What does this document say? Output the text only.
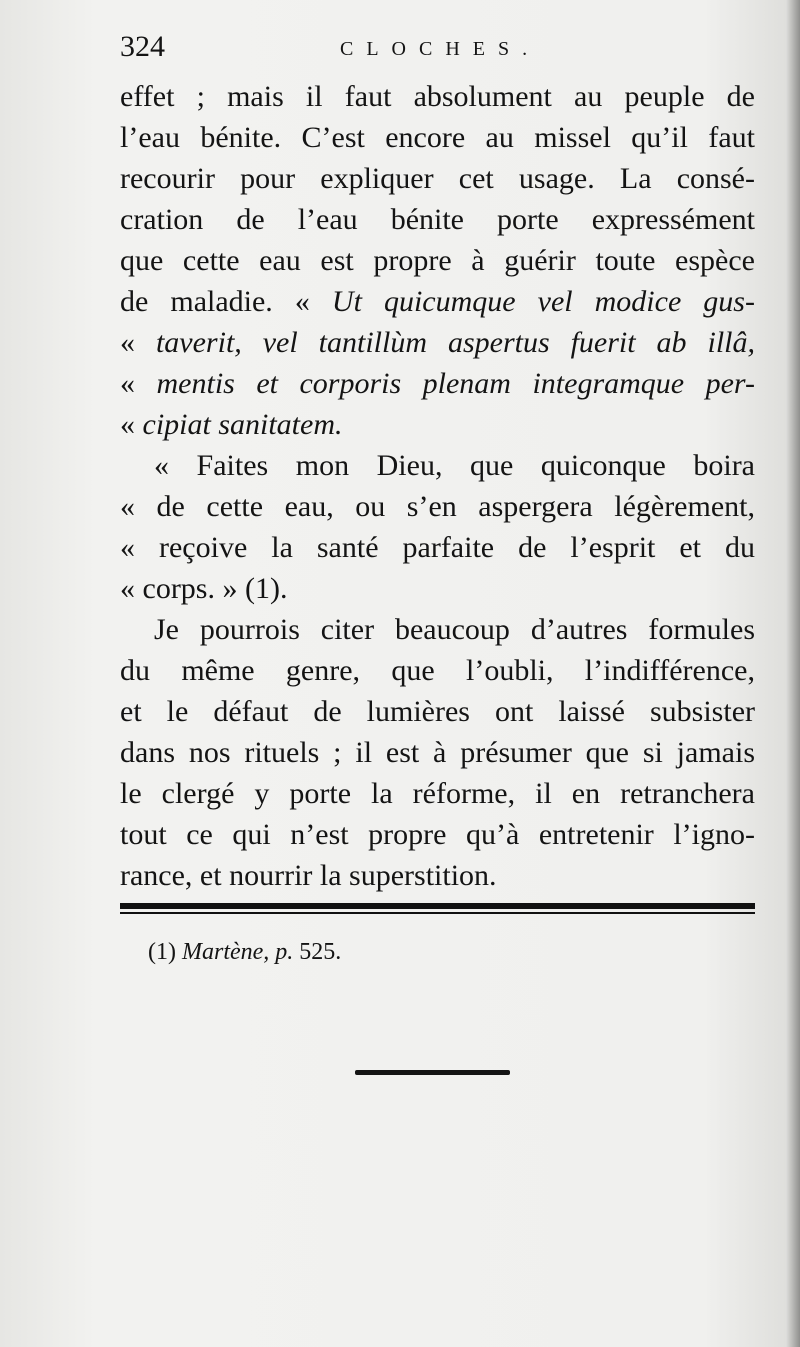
324	CLOCHES.
effet ; mais il faut absolument au peuple de
l’eau bénite. C’est encore au missel qu’il faut
recourir pour expliquer cet usage. La consé-
cration de l’eau bénite porte expressément
que cette eau est propre à guérir toute espèce
de maladie. « Ut quicumque vel modice gus-
« taverit, vel tantillùm aspertus fuerit ab illâ,
« mentis et corporis plenam integramque per-
« cipiat sanitatem.
« Faites mon Dieu, que quiconque boira
« de cette eau, ou s’en aspergera légèrement,
« reçoive la santé parfaite de l’esprit et du
« corps. » (1).
Je pourrois citer beaucoup d’autres formules
du même genre, que l’oubli, l’indifférence,
et le défaut de lumières ont laissé subsister
dans nos rituels ; il est à présumer que si jamais
le clergé y porte la réforme, il en retranchera
tout ce qui n’est propre qu’à entretenir l’igno-
rance, et nourrir la superstition.
(1) Martène, p. 525.
